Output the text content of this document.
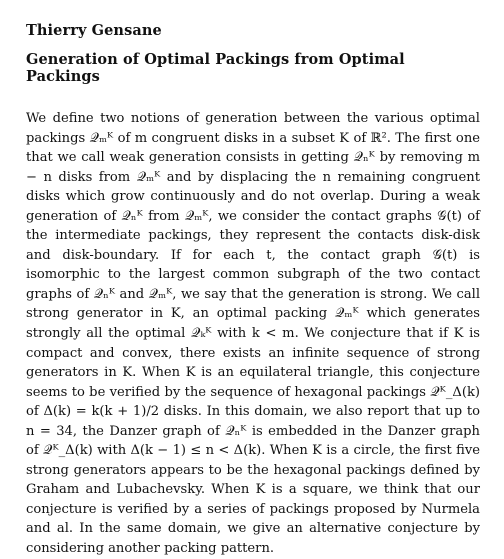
Thierry Gensane
Generation of Optimal Packings from Optimal Packings

We define two notions of generation between the various optimal packings 𝒬ₘᴷ of m congruent disks in a subset K of ℝ². The first one that we call weak generation consists in getting 𝒬ₙᴷ by removing m − n disks from 𝒬ₘᴷ and by displacing the n remaining congruent disks which grow continuously and do not overlap. During a weak generation of 𝒬ₙᴷ from 𝒬ₘᴷ, we consider the contact graphs 𝒢(t) of the intermediate packings, they represent the contacts disk-disk and disk-boundary. If for each t, the contact graph 𝒢(t) is isomorphic to the largest common subgraph of the two contact graphs of 𝒬ₙᴷ and 𝒬ₘᴷ, we say that the generation is strong. We call strong generator in K, an optimal packing 𝒬ₘᴷ which generates strongly all the optimal 𝒬ₖᴷ with k < m. We conjecture that if K is compact and convex, there exists an infinite sequence of strong generators in K. When K is an equilateral triangle, this conjecture seems to be verified by the sequence of hexagonal packings 𝒬ᴷ_Δ(k) of Δ(k) = k(k + 1)/2 disks. In this domain, we also report that up to n = 34, the Danzer graph of 𝒬ₙᴷ is embedded in the Danzer graph of 𝒬ᴷ_Δ(k) with Δ(k − 1) ≤ n < Δ(k). When K is a circle, the first five strong generators appears to be the hexagonal packings defined by Graham and Lubachevsky. When K is a square, we think that our conjecture is verified by a series of packings proposed by Nurmela and al. In the same domain, we give an alternative conjecture by considering another packing pattern.
